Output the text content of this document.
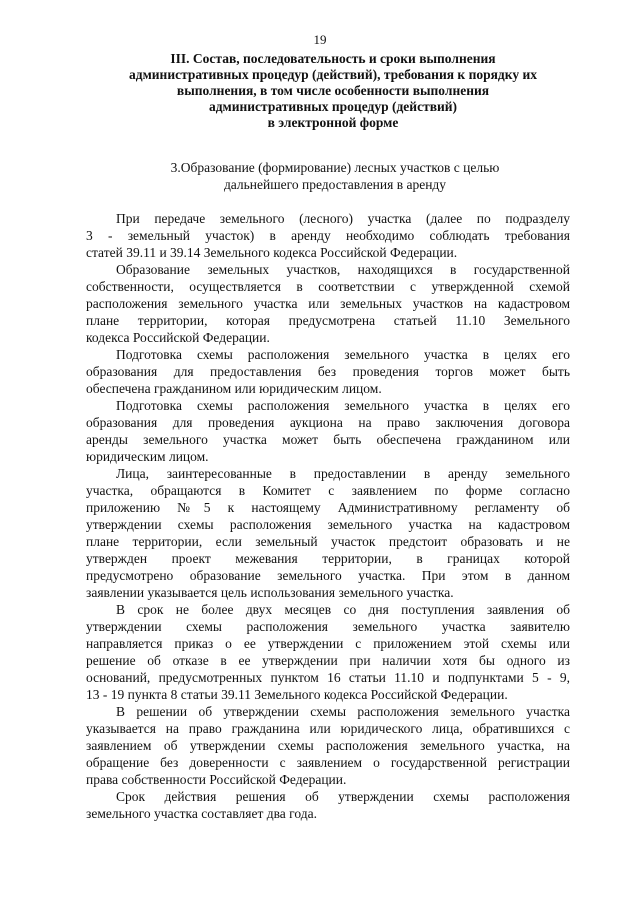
19
III. Состав, последовательность и сроки выполнения
административных процедур (действий), требования к порядку их
выполнения, в том числе особенности выполнения
административных процедур (действий)
в электронной форме
3.Образование (формирование) лесных участков с целью
дальнейшего предоставления в аренду

При передаче земельного (лесного) участка (далее по подразделу
3 - земельный участок) в аренду необходимо соблюдать требования
статей 39.11 и 39.14 Земельного кодекса Российской Федерации.

Образование земельных участков, находящихся в государственной
собственности, осуществляется в соответствии с утвержденной схемой
расположения земельного участка или земельных участков на кадастровом
плане территории, которая предусмотрена статьей 11.10 Земельного
кодекса Российской Федерации.

Подготовка схемы расположения земельного участка в целях его
образования для предоставления без проведения торгов может быть
обеспечена гражданином или юридическим лицом.

Подготовка схемы расположения земельного участка в целях его
образования для проведения аукциона на право заключения договора
аренды земельного участка может быть обеспечена гражданином или
юридическим лицом.

Лица, заинтересованные в предоставлении в аренду земельного
участка, обращаются в Комитет с заявлением по форме согласно
приложению №5 к настоящему Административному регламенту об
утверждении схемы расположения земельного участка на кадастровом
плане территории, если земельный участок предстоит образовать и не
утвержден проект межевания территории, в границах которой
предусмотрено образование земельного участка. При этом в данном
заявлении указывается цель использования земельного участка.

В срок не более двух месяцев со дня поступления заявления об
утверждении схемы расположения земельного участка заявителю
направляется приказ о ее утверждении с приложением этой схемы или
решение об отказе в ее утверждении при наличии хотя бы одного из
оснований, предусмотренных пунктом 16 статьи 11.10 и подпунктами 5 - 9,
13 - 19 пункта 8 статьи 39.11 Земельного кодекса Российской Федерации.

В решении об утверждении схемы расположения земельного участка
указывается на право гражданина или юридического лица, обратившихся с
заявлением об утверждении схемы расположения земельного участка, на
обращение без доверенности с заявлением о государственной регистрации
права собственности Российской Федерации.

Срок действия решения об утверждении схемы расположения
земельного участка составляет два года.
